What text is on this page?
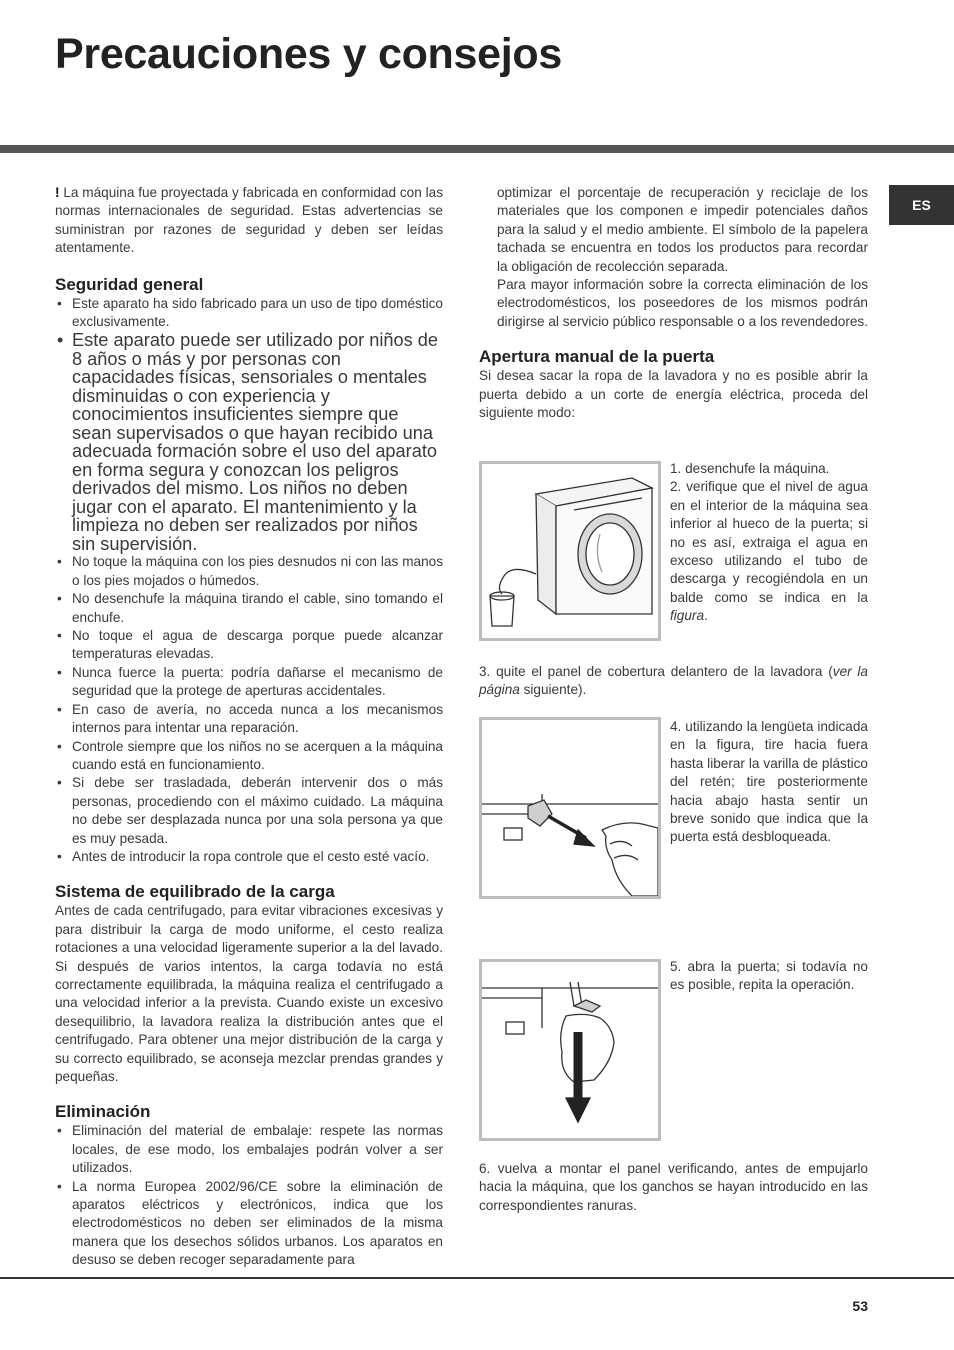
Precauciones y consejos
ES

! La máquina fue proyectada y fabricada en conformidad con las normas internacionales de seguridad. Estas advertencias se suministran por razones de seguridad y deben ser leídas atentamente.

Seguridad general
• Este aparato ha sido fabricado para un uso de tipo doméstico exclusivamente.
• Este aparato puede ser utilizado por niños de 8 años o más y por personas con capacidades físicas, sensoriales o mentales disminuidas o con experiencia y conocimientos insuficientes siempre que sean supervisados o que hayan recibido una adecuada formación sobre el uso del aparato en forma segura y conozcan los peligros derivados del mismo. Los niños no deben jugar con el aparato. El mantenimiento y la limpieza no deben ser realizados por niños sin supervisión.
• No toque la máquina con los pies desnudos ni con las manos o los pies mojados o húmedos.
• No desenchufe la máquina tirando el cable, sino tomando el enchufe.
• No toque el agua de descarga porque puede alcanzar temperaturas elevadas.
• Nunca fuerce la puerta: podría dañarse el mecanismo de seguridad que la protege de aperturas accidentales.
• En caso de avería, no acceda nunca a los mecanismos internos para intentar una reparación.
• Controle siempre que los niños no se acerquen a la máquina cuando está en funcionamiento.
• Si debe ser trasladada, deberán intervenir dos o más personas, procediendo con el máximo cuidado. La máquina no debe ser desplazada nunca por una sola persona ya que es muy pesada.
• Antes de introducir la ropa controle que el cesto esté vacío.
Sistema de equilibrado de la carga

Antes de cada centrifugado, para evitar vibraciones excesivas y para distribuir la carga de modo uniforme, el cesto realiza rotaciones a una velocidad ligeramente superior a la del lavado. Si después de varios intentos, la carga todavía no está correctamente equilibrada, la máquina realiza el centrifugado a una velocidad inferior a la prevista. Cuando existe un excesivo desequilibrio, la lavadora realiza la distribución antes que el centrifugado. Para obtener una mejor distribución de la carga y su correcto equilibrado, se aconseja mezclar prendas grandes y pequeñas.

Eliminación
• Eliminación del material de embalaje: respete las normas locales, de ese modo, los embalajes podrán volver a ser utilizados.
• La norma Europea 2002/96/CE sobre la eliminación de aparatos eléctricos y electrónicos, indica que los electrodomésticos no deben ser eliminados de la misma manera que los desechos sólidos urbanos. Los aparatos en desuso se deben recoger separadamente para

optimizar el porcentaje de recuperación y reciclaje de los materiales que los componen e impedir potenciales daños para la salud y el medio ambiente. El símbolo de la papelera tachada se encuentra en todos los productos para recordar la obligación de recolección separada.

Para mayor información sobre la correcta eliminación de los electrodomésticos, los poseedores de los mismos podrán dirigirse al servicio público responsable o a los revendedores.

Apertura manual de la puerta

Si desea sacar la ropa de la lavadora y no es posible abrir la puerta debido a un corte de energía eléctrica, proceda del siguiente modo:

1. desenchufe la máquina.
2. verifique que el nivel de agua en el interior de la máquina sea inferior al hueco de la puerta; si no es así, extraiga el agua en exceso utilizando el tubo de descarga y recogiéndola en un balde como se indica en la figura.
3. quite el panel de cobertura delantero de la lavadora (ver la página siguiente).
4. utilizando la lengüeta indicada en la figura, tire hacia fuera hasta liberar la varilla de plástico del retén; tire posteriormente hacia abajo hasta sentir un breve sonido que indica que la puerta está desbloqueada.
5. abra la puerta; si todavía no es posible, repita la operación.
6. vuelva a montar el panel verificando, antes de empujarlo hacia la máquina, que los ganchos se hayan introducido en las correspondientes ranuras.
53
